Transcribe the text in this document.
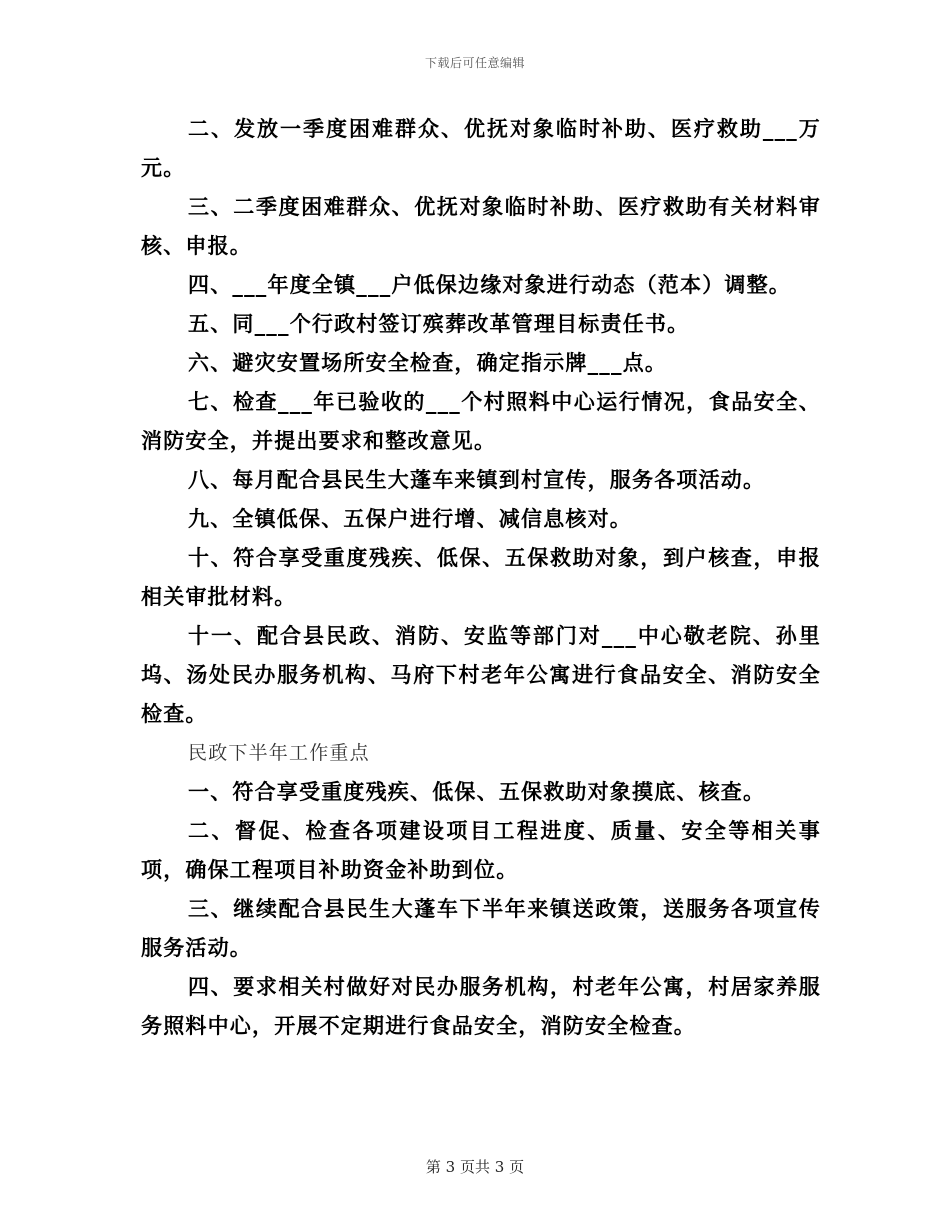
下载后可任意编辑

二、发放一季度困难群众、优抚对象临时补助、医疗救助___万元。

三、二季度困难群众、优抚对象临时补助、医疗救助有关材料审核、申报。

四、___年度全镇___户低保边缘对象进行动态（范本）调整。

五、同___个行政村签订殡葬改革管理目标责任书。

六、避灾安置场所安全检查，确定指示牌___点。

七、检查___年已验收的___个村照料中心运行情况，食品安全、消防安全，并提出要求和整改意见。

八、每月配合县民生大蓬车来镇到村宣传，服务各项活动。

九、全镇低保、五保户进行增、减信息核对。

十、符合享受重度残疾、低保、五保救助对象，到户核查，申报相关审批材料。

十一、配合县民政、消防、安监等部门对___中心敬老院、孙里坞、汤处民办服务机构、马府下村老年公寓进行食品安全、消防安全检查。

民政下半年工作重点

一、符合享受重度残疾、低保、五保救助对象摸底、核查。

二、督促、检查各项建设项目工程进度、质量、安全等相关事项，确保工程项目补助资金补助到位。

三、继续配合县民生大蓬车下半年来镇送政策，送服务各项宣传服务活动。

四、要求相关村做好对民办服务机构，村老年公寓，村居家养服务照料中心，开展不定期进行食品安全，消防安全检查。

第 3 页共 3 页
